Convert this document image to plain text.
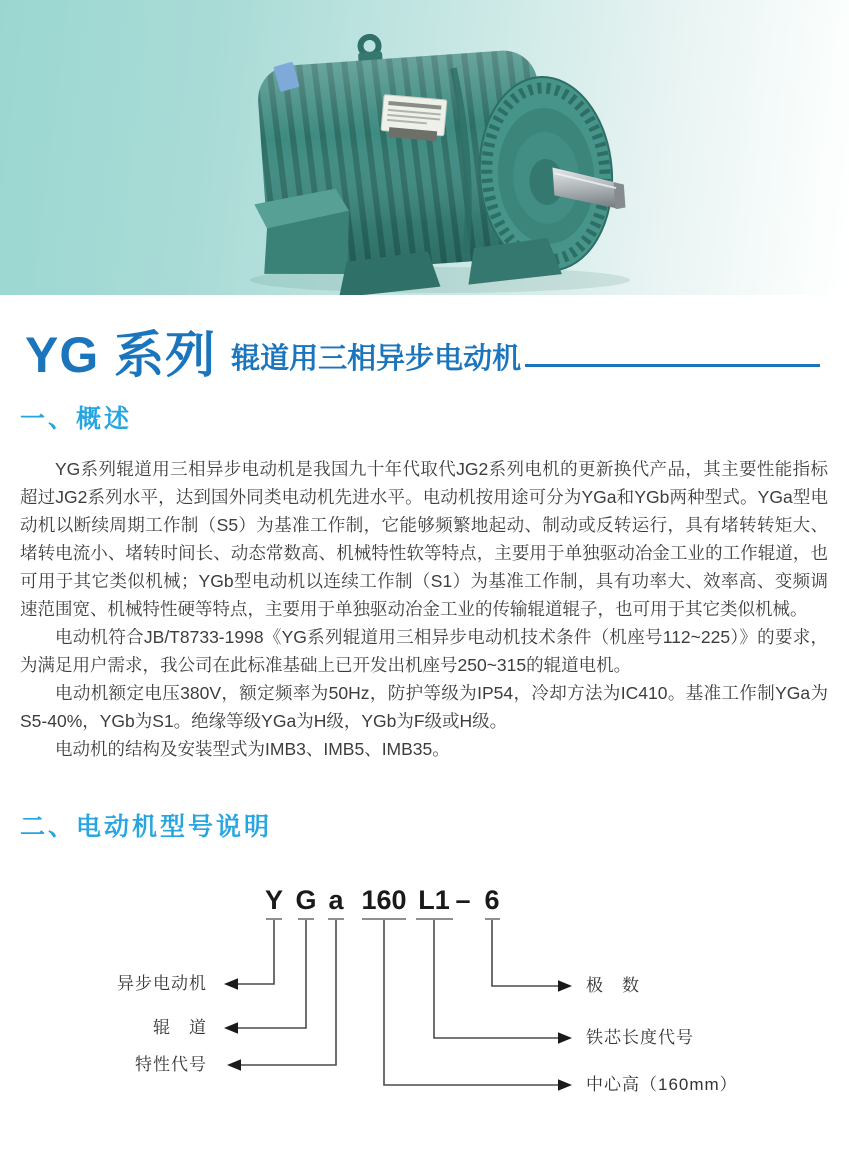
YG 系列 辊道用三相异步电动机
一、概述

YG系列辊道用三相异步电动机是我国九十年代取代JG2系列电机的更新换代产品，其主要性能指标超过JG2系列水平，达到国外同类电动机先进水平。电动机按用途可分为YGa和YGb两种型式。YGa型电动机以断续周期工作制（S5）为基准工作制，它能够频繁地起动、制动或反转运行，具有堵转转矩大、堵转电流小、堵转时间长、动态常数高、机械特性软等特点，主要用于单独驱动冶金工业的工作辊道，也可用于其它类似机械；YGb型电动机以连续工作制（S1）为基准工作制，具有功率大、效率高、变频调速范围宽、机械特性硬等特点，主要用于单独驱动冶金工业的传输辊道辊子，也可用于其它类似机械。

电动机符合JB/T8733-1998《YG系列辊道用三相异步电动机技术条件（机座号112~225）》的要求，为满足用户需求，我公司在此标准基础上已开发出机座号250~315的辊道电机。

电动机额定电压380V，额定频率为50Hz，防护等级为IP54，冷却方法为IC410。基准工作制YGa为S5-40%，YGb为S1。绝缘等级YGa为H级，YGb为F级或H级。

电动机的结构及安装型式为IMB3、IMB5、IMB35。

二、电动机型号说明
Y G a 160 L1 – 6
异步电动机
辊　道
特性代号
极　数
铁芯长度代号
中心高（160mm）
